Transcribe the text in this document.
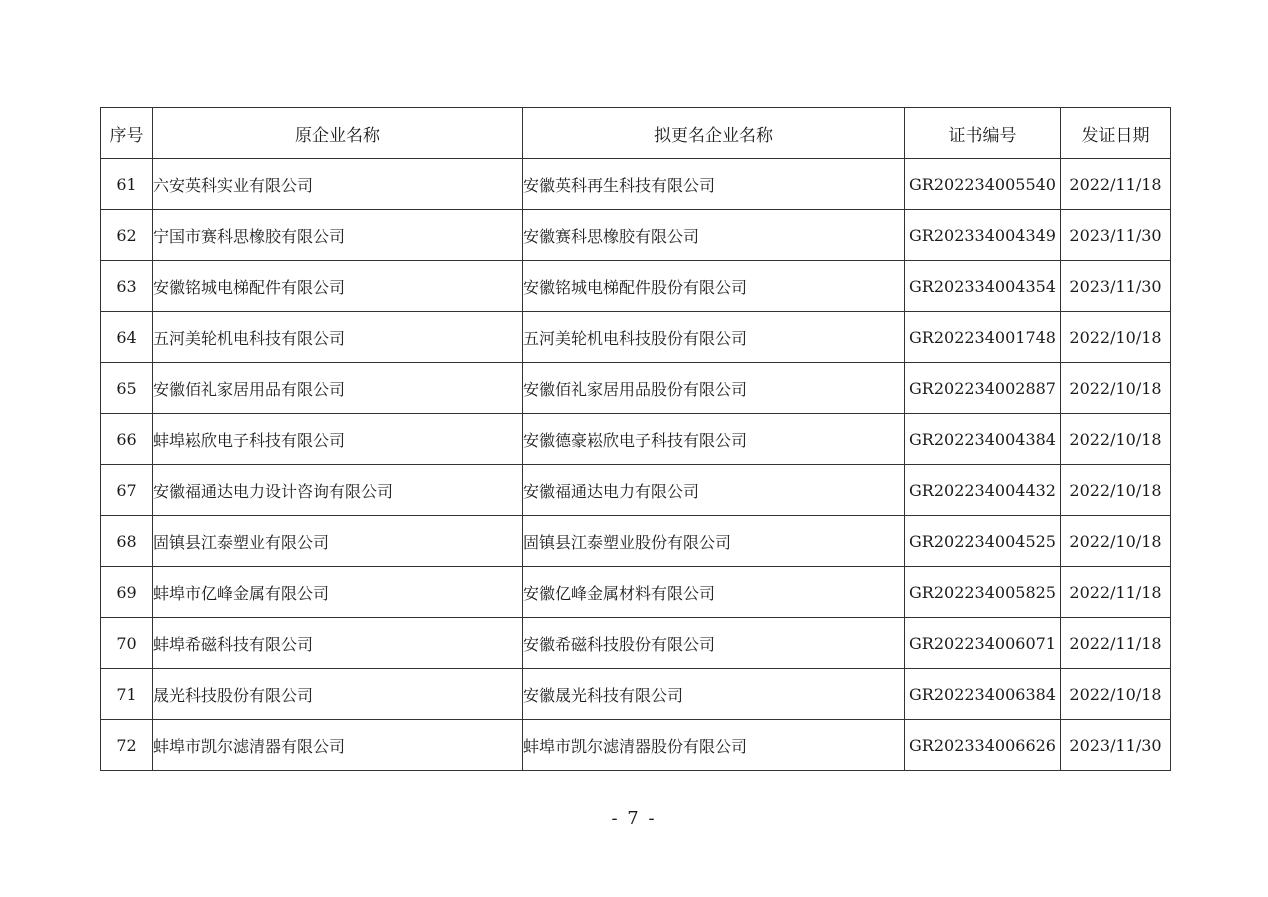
序号	原企业名称	拟更名企业名称	证书编号	发证日期
61	六安英科实业有限公司	安徽英科再生科技有限公司	GR202234005540	2022/11/18
62	宁国市赛科思橡胶有限公司	安徽赛科思橡胶有限公司	GR202334004349	2023/11/30
63	安徽铭城电梯配件有限公司	安徽铭城电梯配件股份有限公司	GR202334004354	2023/11/30
64	五河美轮机电科技有限公司	五河美轮机电科技股份有限公司	GR202234001748	2022/10/18
65	安徽佰礼家居用品有限公司	安徽佰礼家居用品股份有限公司	GR202234002887	2022/10/18
66	蚌埠崧欣电子科技有限公司	安徽德豪崧欣电子科技有限公司	GR202234004384	2022/10/18
67	安徽福通达电力设计咨询有限公司	安徽福通达电力有限公司	GR202234004432	2022/10/18
68	固镇县江泰塑业有限公司	固镇县江泰塑业股份有限公司	GR202234004525	2022/10/18
69	蚌埠市亿峰金属有限公司	安徽亿峰金属材料有限公司	GR202234005825	2022/11/18
70	蚌埠希磁科技有限公司	安徽希磁科技股份有限公司	GR202234006071	2022/11/18
71	晟光科技股份有限公司	安徽晟光科技有限公司	GR202234006384	2022/10/18
72	蚌埠市凯尔滤清器有限公司	蚌埠市凯尔滤清器股份有限公司	GR202334006626	2023/11/30
- 7 -
